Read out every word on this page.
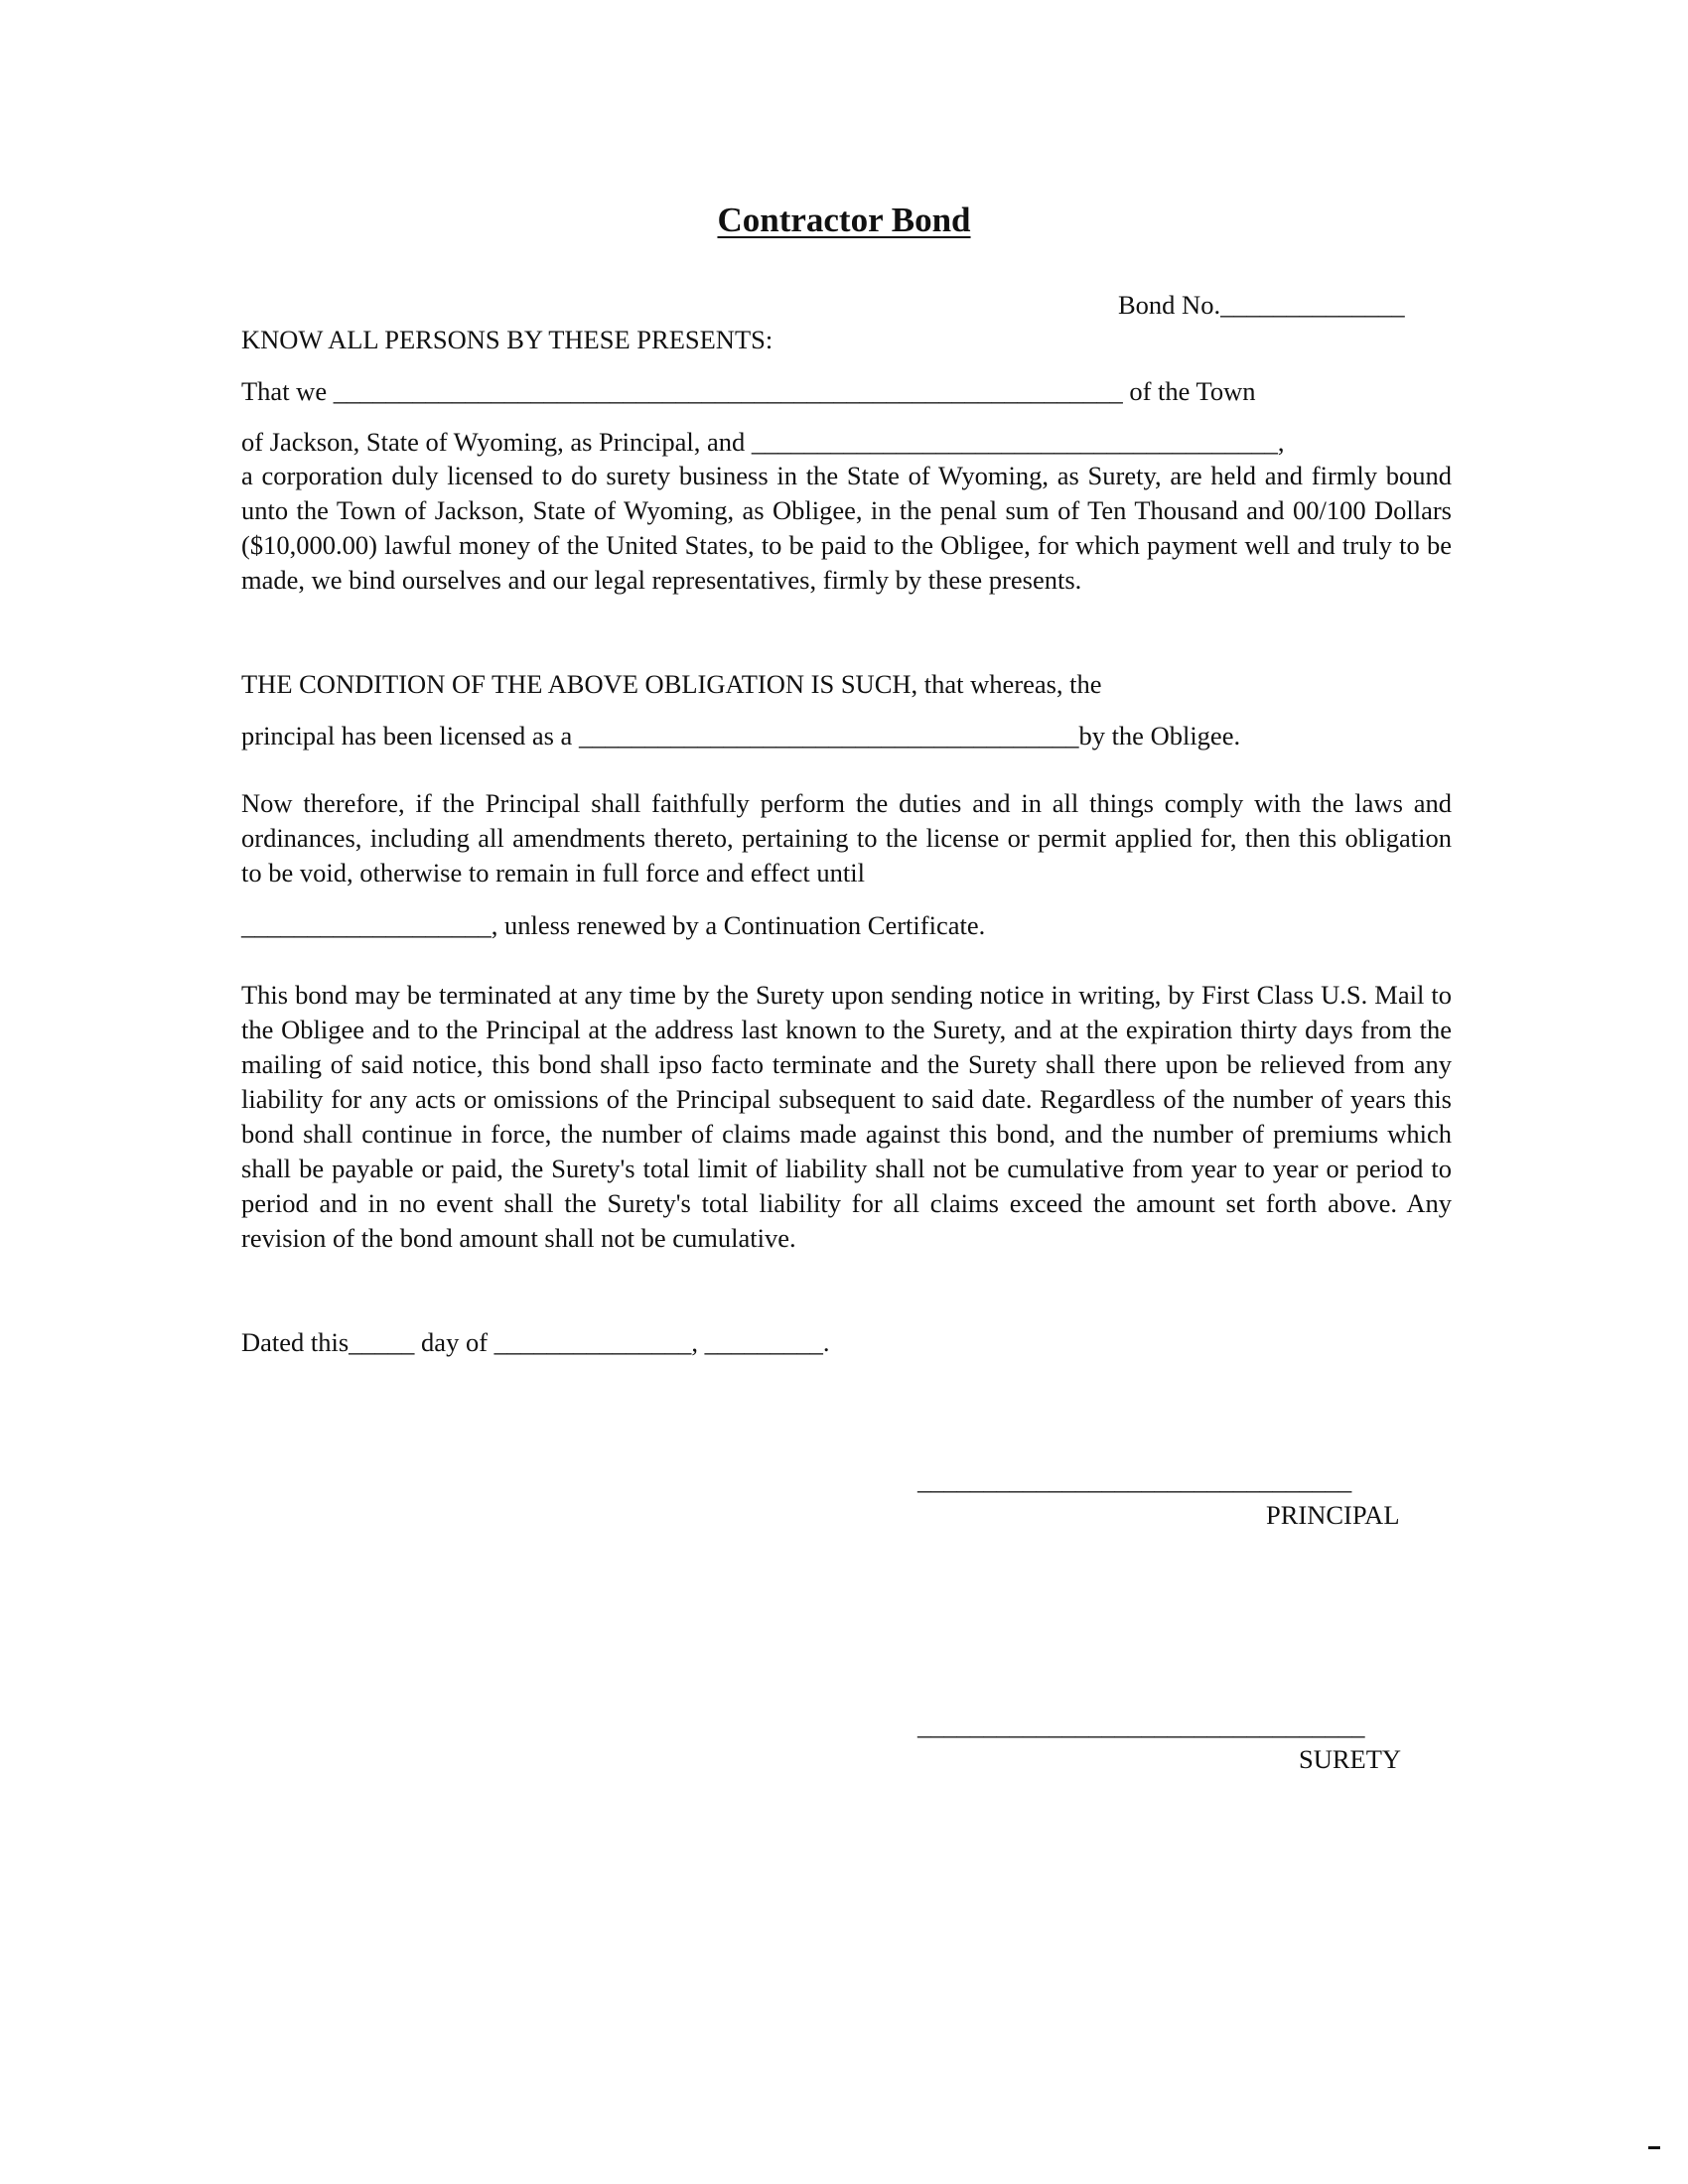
Contractor Bond
Bond No.______________
KNOW ALL PERSONS BY THESE PRESENTS:
That we ____________________________________________________________ of the Town
of Jackson, State of Wyoming, as Principal, and ________________________________________,
a corporation duly licensed to do surety business in the State of Wyoming, as Surety, are held and firmly bound unto the Town of Jackson, State of Wyoming, as Obligee, in the penal sum of Ten Thousand and 00/100 Dollars ($10,000.00) lawful money of the United States, to be paid to the Obligee, for which payment well and truly to be made, we bind ourselves and our legal representatives, firmly by these presents.
THE CONDITION OF THE ABOVE OBLIGATION IS SUCH, that whereas, the
principal has been licensed as a ______________________________________by the Obligee.
Now therefore, if the Principal shall faithfully perform the duties and in all things comply with the laws and ordinances, including all amendments thereto, pertaining to the license or permit applied for, then this obligation to be void, otherwise to remain in full force and effect until
___________________, unless renewed by a Continuation Certificate.
This bond may be terminated at any time by the Surety upon sending notice in writing, by First Class U.S. Mail to the Obligee and to the Principal at the address last known to the Surety, and at the expiration thirty days from the mailing of said notice, this bond shall ipso facto terminate and the Surety shall there upon be relieved from any liability for any acts or omissions of the Principal subsequent to said date. Regardless of the number of years this bond shall continue in force, the number of claims made against this bond, and the number of premiums which shall be payable or paid, the Surety's total limit of liability shall not be cumulative from year to year or period to period and in no event shall the Surety's total liability for all claims exceed the amount set forth above. Any revision of the bond amount shall not be cumulative.
Dated this_____ day of _______________, _________.
_________________________________
PRINCIPAL
__________________________________
SURETY
